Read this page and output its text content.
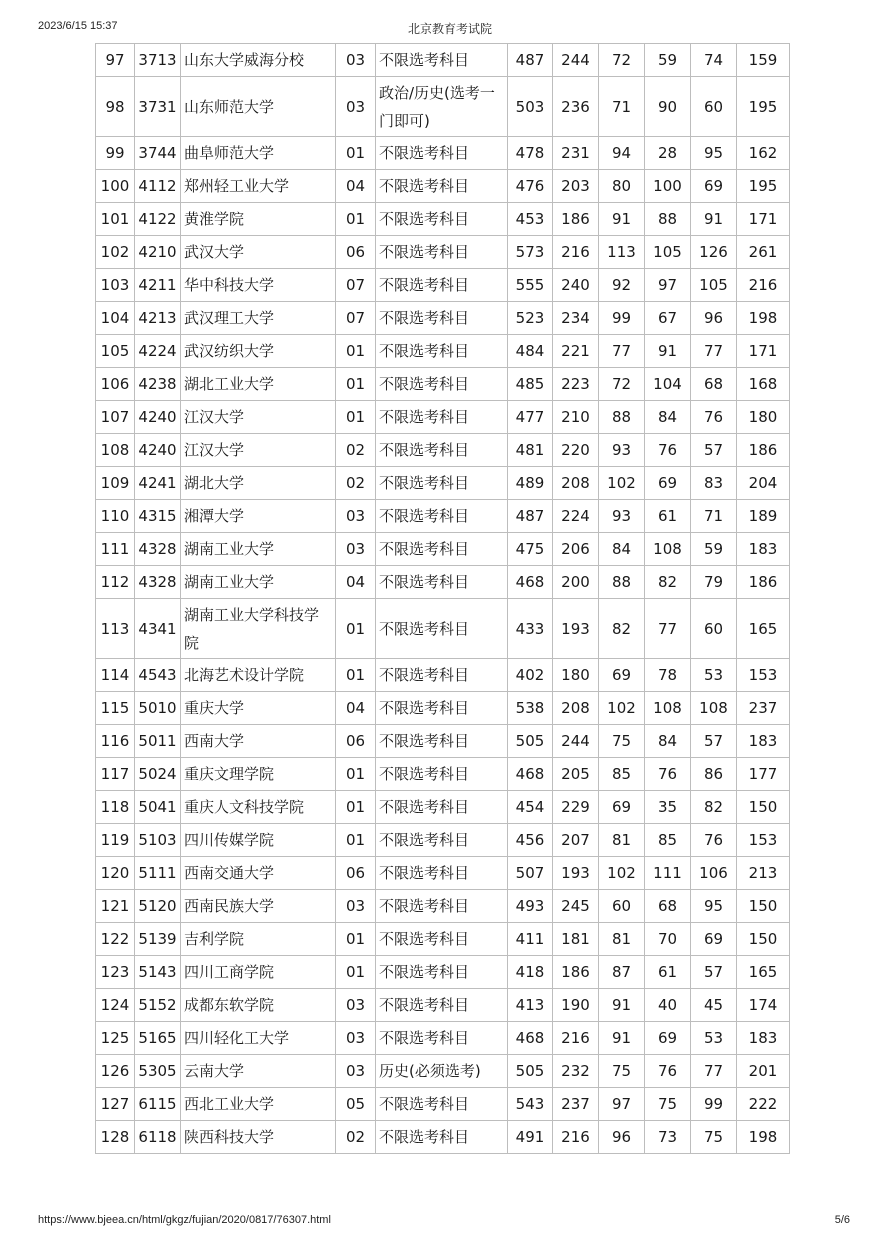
2023/6/15 15:37	北京教育考试院
97	3713	山东大学威海分校	03	不限选考科目	487	244	72	59	74	159
98	3731	山东师范大学	03	政治/历史(选考一门即可)	503	236	71	90	60	195
99	3744	曲阜师范大学	01	不限选考科目	478	231	94	28	95	162
100	4112	郑州轻工业大学	04	不限选考科目	476	203	80	100	69	195
101	4122	黄淮学院	01	不限选考科目	453	186	91	88	91	171
102	4210	武汉大学	06	不限选考科目	573	216	113	105	126	261
103	4211	华中科技大学	07	不限选考科目	555	240	92	97	105	216
104	4213	武汉理工大学	07	不限选考科目	523	234	99	67	96	198
105	4224	武汉纺织大学	01	不限选考科目	484	221	77	91	77	171
106	4238	湖北工业大学	01	不限选考科目	485	223	72	104	68	168
107	4240	江汉大学	01	不限选考科目	477	210	88	84	76	180
108	4240	江汉大学	02	不限选考科目	481	220	93	76	57	186
109	4241	湖北大学	02	不限选考科目	489	208	102	69	83	204
110	4315	湘潭大学	03	不限选考科目	487	224	93	61	71	189
111	4328	湖南工业大学	03	不限选考科目	475	206	84	108	59	183
112	4328	湖南工业大学	04	不限选考科目	468	200	88	82	79	186
113	4341	湖南工业大学科技学院	01	不限选考科目	433	193	82	77	60	165
114	4543	北海艺术设计学院	01	不限选考科目	402	180	69	78	53	153
115	5010	重庆大学	04	不限选考科目	538	208	102	108	108	237
116	5011	西南大学	06	不限选考科目	505	244	75	84	57	183
117	5024	重庆文理学院	01	不限选考科目	468	205	85	76	86	177
118	5041	重庆人文科技学院	01	不限选考科目	454	229	69	35	82	150
119	5103	四川传媒学院	01	不限选考科目	456	207	81	85	76	153
120	5111	西南交通大学	06	不限选考科目	507	193	102	111	106	213
121	5120	西南民族大学	03	不限选考科目	493	245	60	68	95	150
122	5139	吉利学院	01	不限选考科目	411	181	81	70	69	150
123	5143	四川工商学院	01	不限选考科目	418	186	87	61	57	165
124	5152	成都东软学院	03	不限选考科目	413	190	91	40	45	174
125	5165	四川轻化工大学	03	不限选考科目	468	216	91	69	53	183
126	5305	云南大学	03	历史(必须选考)	505	232	75	76	77	201
127	6115	西北工业大学	05	不限选考科目	543	237	97	75	99	222
128	6118	陕西科技大学	02	不限选考科目	491	216	96	73	75	198
https://www.bjeea.cn/html/gkgz/fujian/2020/0817/76307.html	5/6
